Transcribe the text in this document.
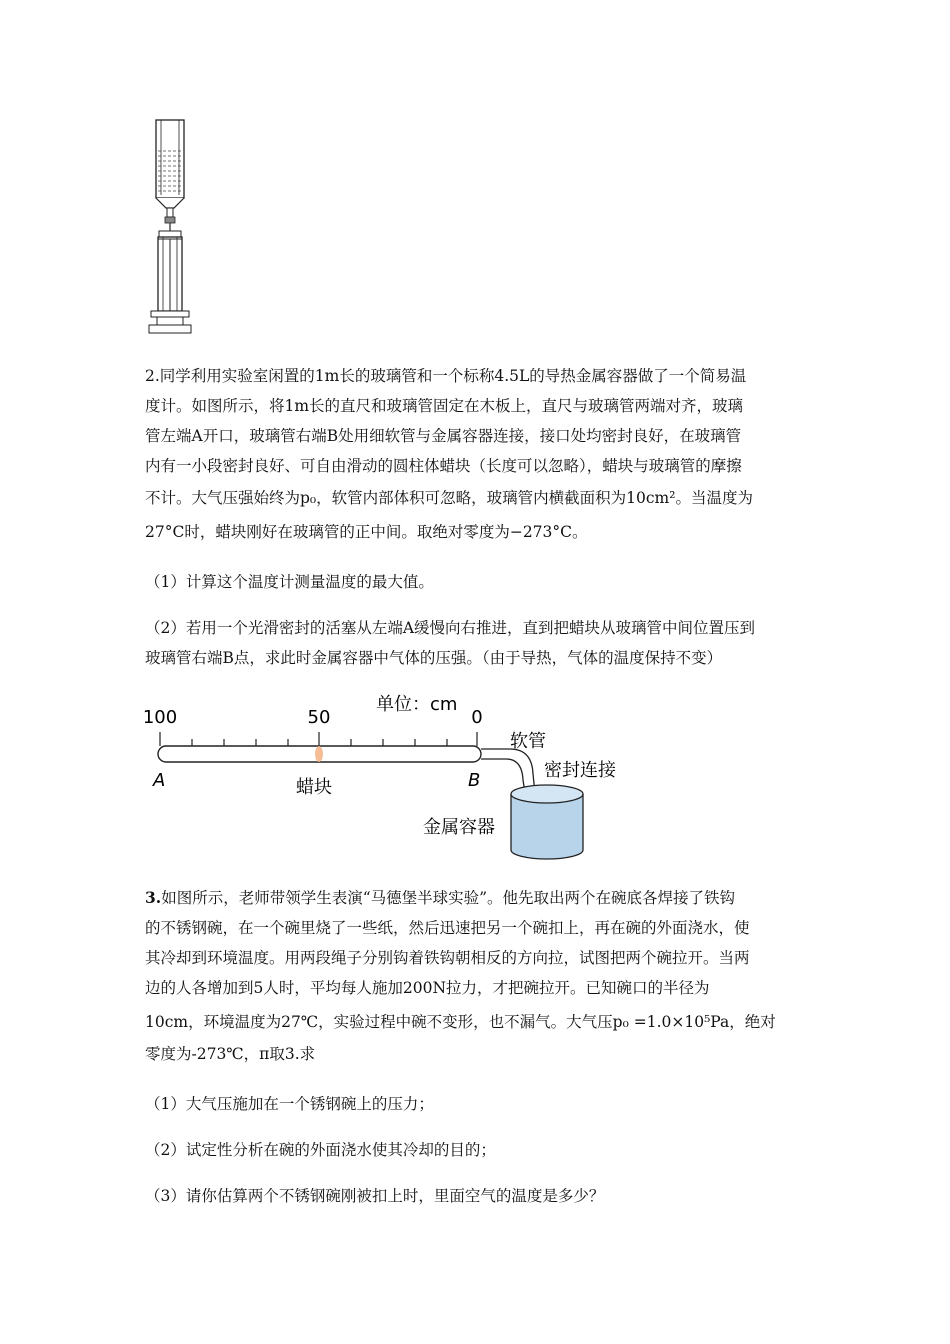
2.同学利用实验室闲置的1m长的玻璃管和一个标称4.5L的导热金属容器做了一个简易温
度计。如图所示，将1m长的直尺和玻璃管固定在木板上，直尺与玻璃管两端对齐，玻璃
管左端A开口，玻璃管右端B处用细软管与金属容器连接，接口处均密封良好，在玻璃管
内有一小段密封良好、可自由滑动的圆柱体蜡块（长度可以忽略），蜡块与玻璃管的摩擦
不计。大气压强始终为p₀，软管内部体积可忽略，玻璃管内横截面积为10cm²。当温度为
27°C时，蜡块刚好在玻璃管的正中间。取绝对零度为−273°C。
（1）计算这个温度计测量温度的最大值。
（2）若用一个光滑密封的活塞从左端A缓慢向右推进，直到把蜡块从玻璃管中间位置压到
玻璃管右端B点，求此时金属容器中气体的压强。（由于导热，气体的温度保持不变）
100	50	0
单位：cm
A	B
蜡块
软管
密封连接
金属容器
3.如图所示，老师带领学生表演“马德堡半球实验”。他先取出两个在碗底各焊接了铁钩
的不锈钢碗，在一个碗里烧了一些纸，然后迅速把另一个碗扣上，再在碗的外面浇水，使
其冷却到环境温度。用两段绳子分别钩着铁钩朝相反的方向拉，试图把两个碗拉开。当两
边的人各增加到5人时，平均每人施加200N拉力，才把碗拉开。已知碗口的半径为
10cm，环境温度为27℃，实验过程中碗不变形，也不漏气。大气压p₀ =1.0×10⁵Pa，绝对
零度为-273℃，π取3.求
（1）大气压施加在一个锈钢碗上的压力；
（2）试定性分析在碗的外面浇水使其冷却的目的；
（3）请你估算两个不锈钢碗刚被扣上时，里面空气的温度是多少？
